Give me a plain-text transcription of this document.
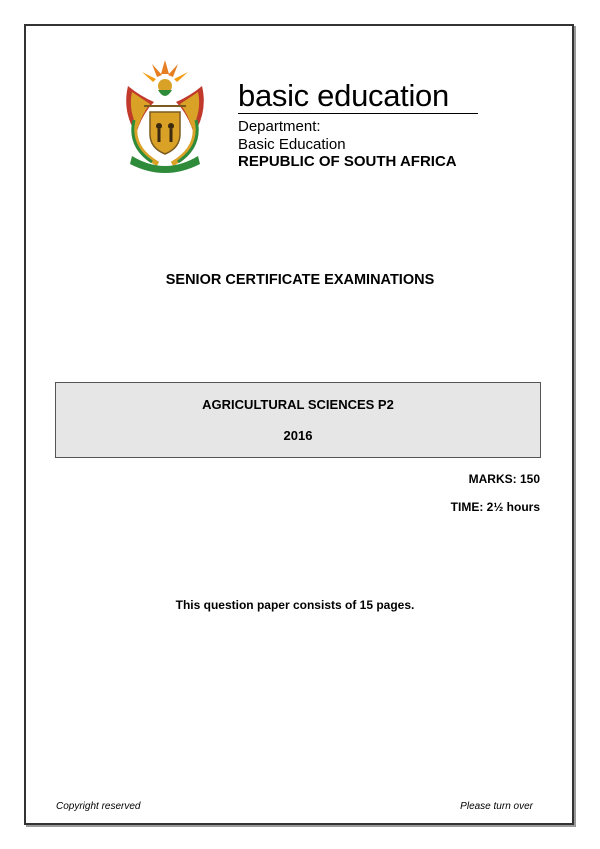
basic education
Department:
Basic Education
REPUBLIC OF SOUTH AFRICA
SENIOR CERTIFICATE EXAMINATIONS
AGRICULTURAL SCIENCES P2
2016
MARKS: 150
TIME: 2½ hours
This question paper consists of 15 pages.
Copyright reserved	Please turn over
